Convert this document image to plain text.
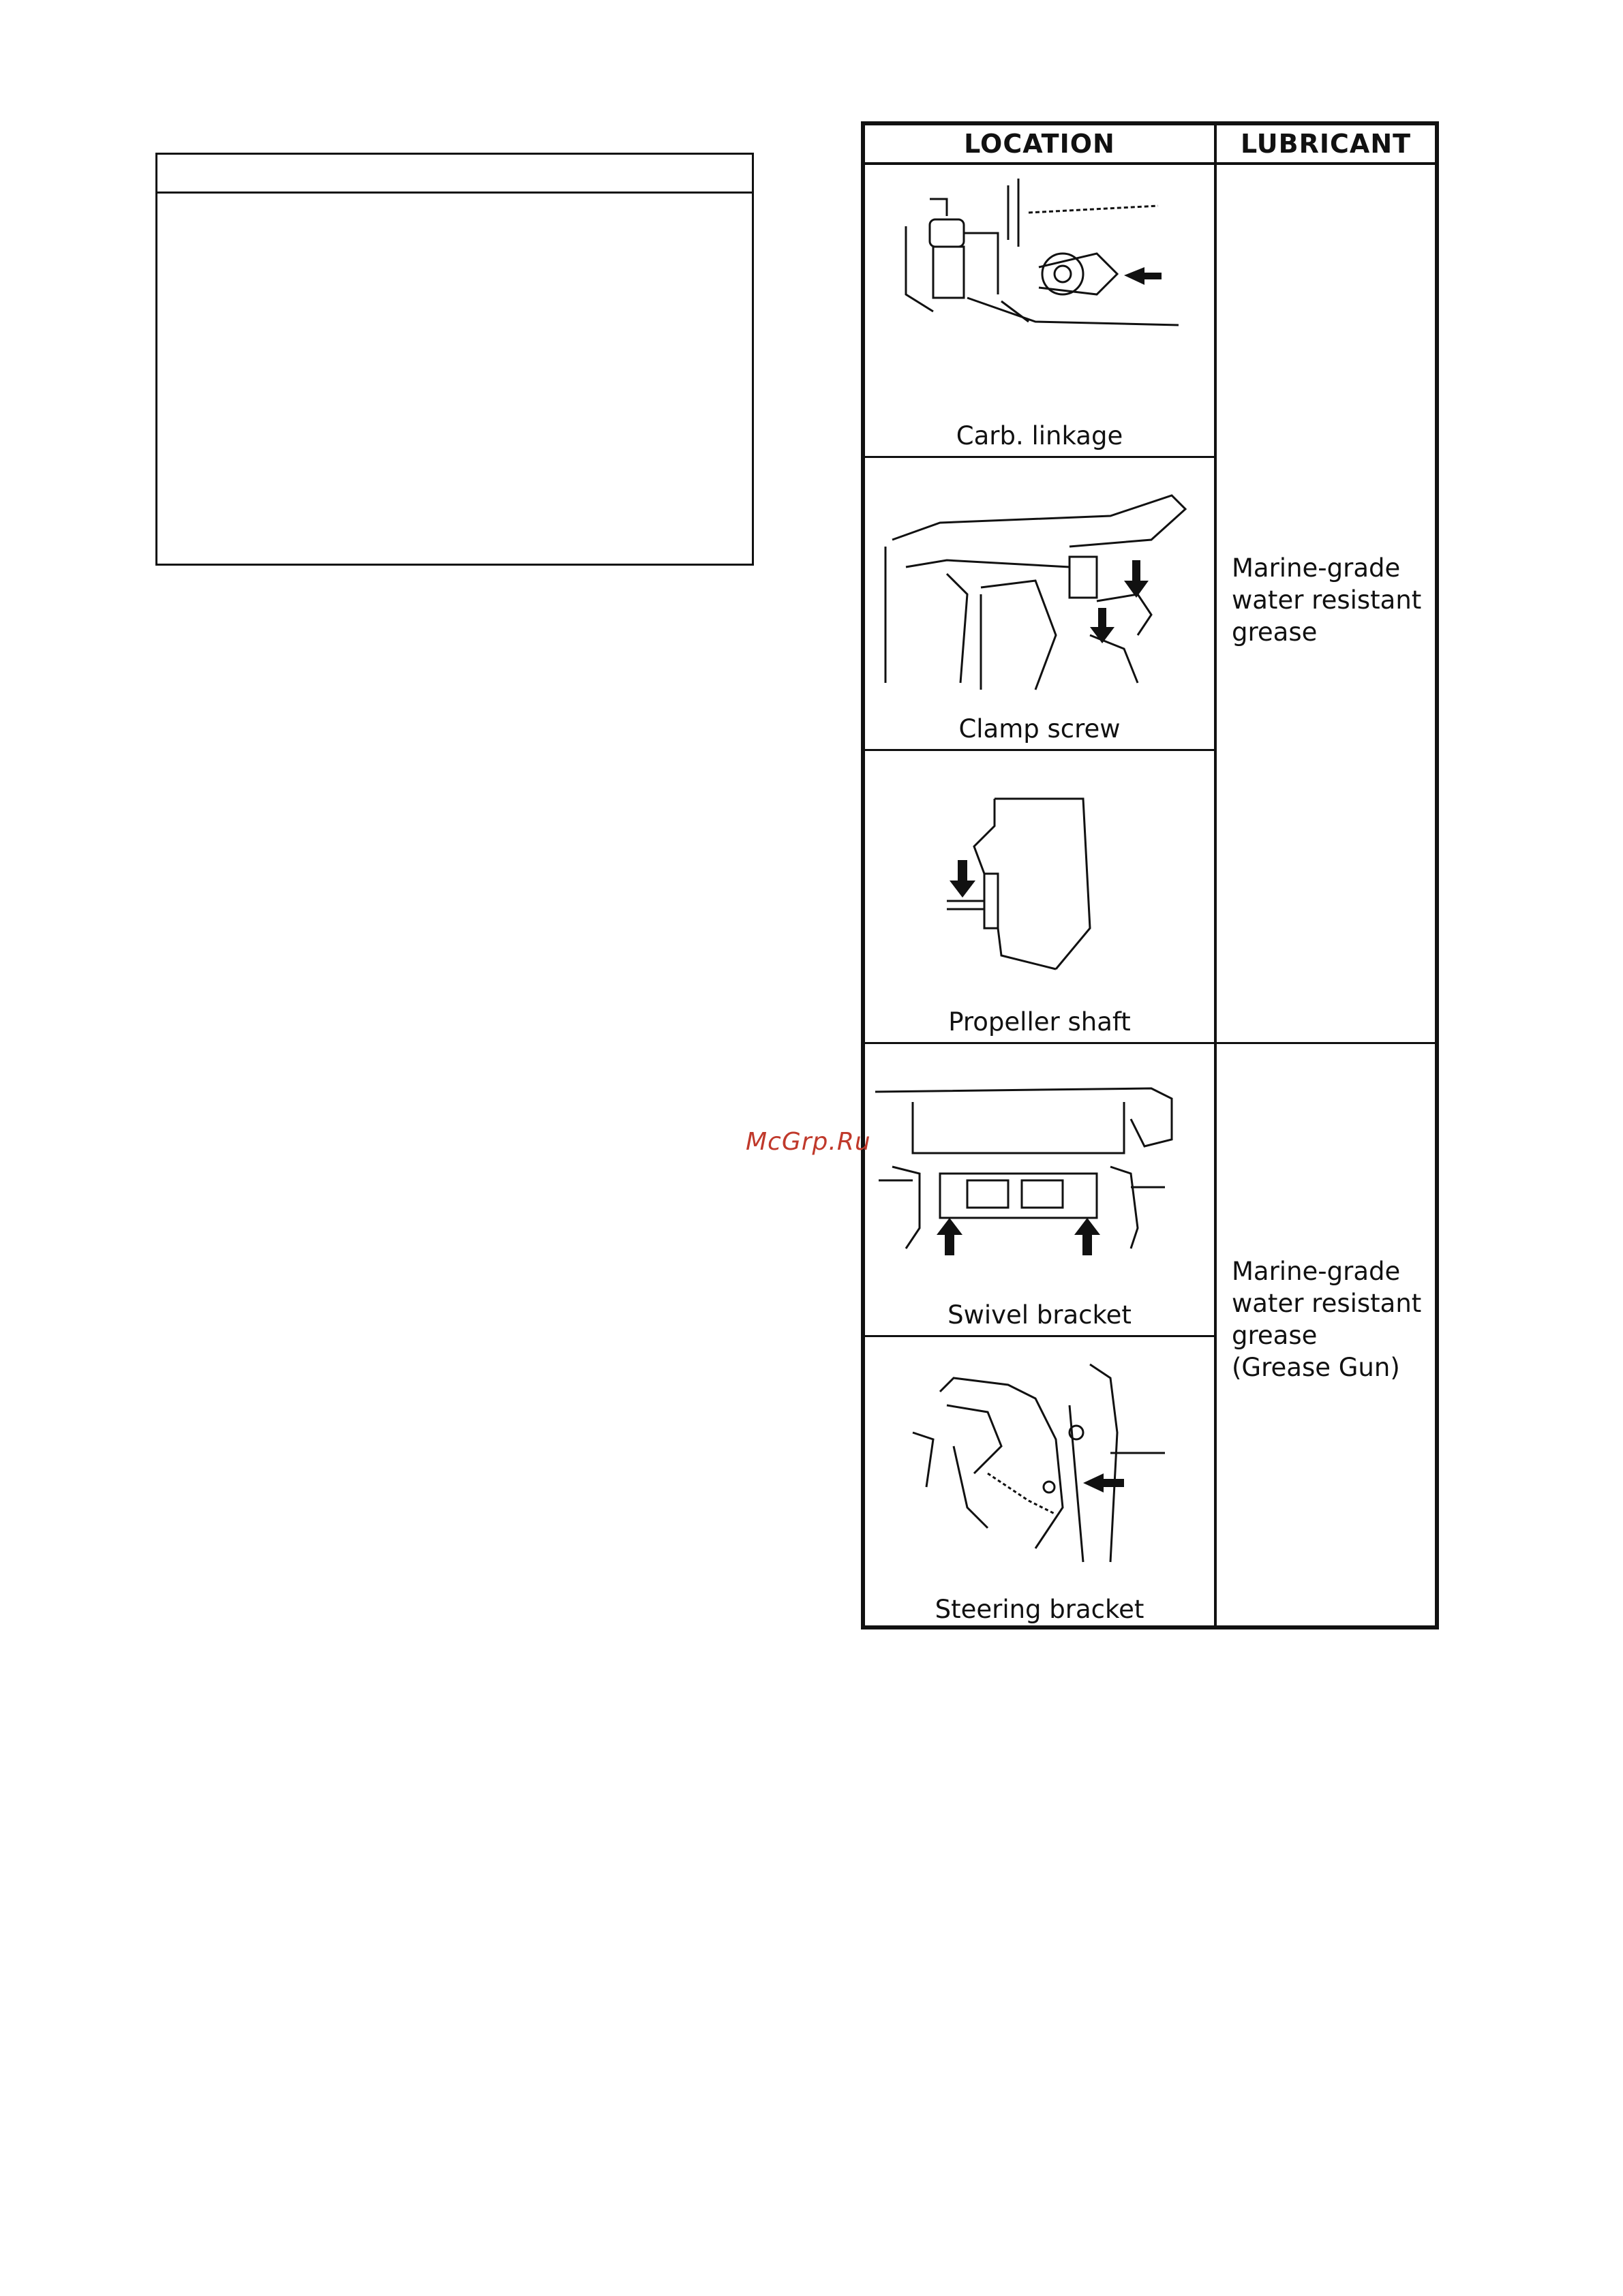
LOCATION	LUBRICANT
Carb. linkage
Clamp screw
Propeller shaft
Swivel bracket
Steering bracket
Marine-grade
water resistant
grease
Marine-grade
water resistant
grease
(Grease Gun)
McGrp.Ru
